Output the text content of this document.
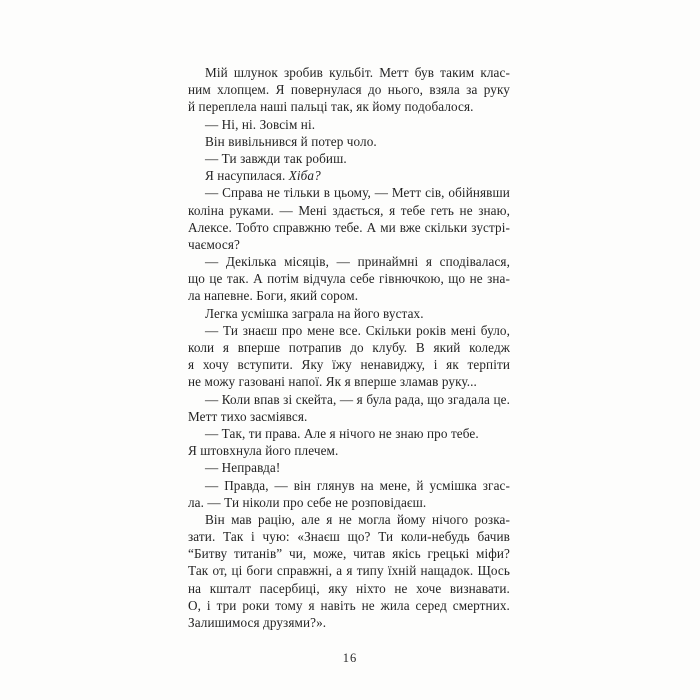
Мій шлунок зробив кульбіт. Метт був таким клас-
ним хлопцем. Я повернулася до нього, взяла за руку
й переплела наші пальці так, як йому подобалося.
— Ні, ні. Зовсім ні.
Він вивільнився й потер чоло.
— Ти завжди так робиш.
Я насупилася. Хіба?
— Справа не тільки в цьому, — Метт сів, обійнявши
коліна руками. — Мені здається, я тебе геть не знаю,
Алексе. Тобто справжню тебе. А ми вже скільки зустрі-
чаємося?
— Декілька місяців, — принаймні я сподівалася,
що це так. А потім відчула себе гівнючкою, що не зна-
ла напевне. Боги, який сором.
Легка усмішка заграла на його вустах.
— Ти знаєш про мене все. Скільки років мені було,
коли я вперше потрапив до клубу. В який коледж
я хочу вступити. Яку їжу ненавиджу, і як терпіти
не можу газовані напої. Як я вперше зламав руку...
— Коли впав зі скейта, — я була рада, що згадала це.
Метт тихо засміявся.
— Так, ти права. Але я нічого не знаю про тебе.
Я штовхнула його плечем.
— Неправда!
— Правда, — він глянув на мене, й усмішка згас-
ла. — Ти ніколи про себе не розповідаєш.
Він мав рацію, але я не могла йому нічого розка-
зати. Так і чую: «Знаєш що? Ти коли-небудь бачив
“Битву титанів” чи, може, читав якісь грецькі міфи?
Так от, ці боги справжні, а я типу їхній нащадок. Щось
на кшталт пасербиці, яку ніхто не хоче визнавати.
О, і три роки тому я навіть не жила серед смертних.
Залишимося друзями?».
16
